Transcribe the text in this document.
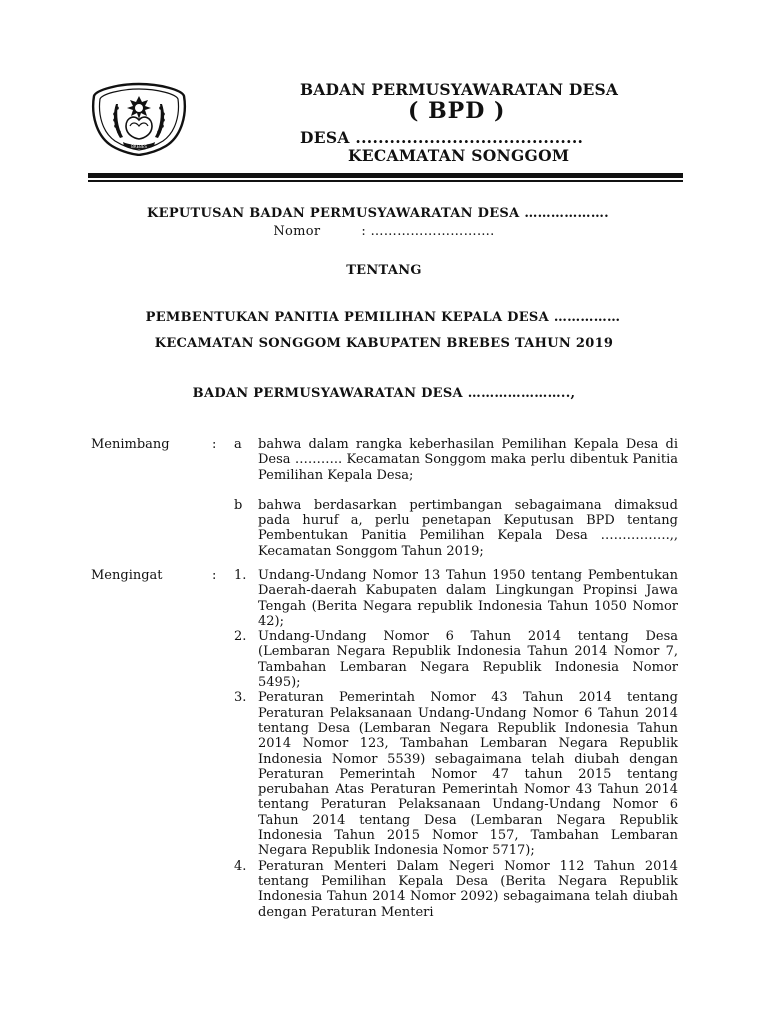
BREBES
BADAN PERMUSYAWARATAN DESA
( BPD )
DESA ........................................
KECAMATAN SONGGOM
KEPUTUSAN BADAN PERMUSYAWARATAN DESA ……………….
Nomor	: ……………………….
TENTANG
PEMBENTUKAN PANITIA PEMILIHAN KEPALA DESA ……………
KECAMATAN SONGGOM KABUPATEN BREBES TAHUN 2019
BADAN PERMUSYAWARATAN DESA …………………..,
Menimbang	: a bahwa dalam rangka keberhasilan Pemilihan Kepala Desa di Desa ……….. Kecamatan Songgom maka perlu dibentuk Panitia Pemilihan Kepala Desa;
b bahwa berdasarkan pertimbangan sebagaimana dimaksud pada huruf a, perlu penetapan Keputusan BPD tentang Pembentukan Panitia Pemilihan Kepala Desa …………….,, Kecamatan Songgom Tahun 2019;
Mengingat	: 1. Undang-Undang Nomor 13 Tahun 1950 tentang Pembentukan Daerah-daerah Kabupaten dalam Lingkungan Propinsi Jawa Tengah (Berita Negara republik Indonesia Tahun 1050 Nomor 42);
2. Undang-Undang Nomor 6 Tahun 2014 tentang Desa (Lembaran Negara Republik Indonesia Tahun 2014 Nomor 7, Tambahan Lembaran Negara Republik Indonesia Nomor 5495);
3. Peraturan Pemerintah Nomor 43 Tahun 2014 tentang Peraturan Pelaksanaan Undang-Undang Nomor 6 Tahun 2014 tentang Desa (Lembaran Negara Republik Indonesia Tahun 2014 Nomor 123, Tambahan Lembaran Negara Republik Indonesia Nomor 5539) sebagaimana telah diubah dengan Peraturan Pemerintah Nomor 47 tahun 2015 tentang perubahan Atas Peraturan Pemerintah Nomor 43 Tahun 2014 tentang Peraturan Pelaksanaan Undang-Undang Nomor 6 Tahun 2014 tentang Desa (Lembaran Negara Republik Indonesia Tahun 2015 Nomor 157, Tambahan Lembaran Negara Republik Indonesia Nomor 5717);
4. Peraturan Menteri Dalam Negeri Nomor 112 Tahun 2014 tentang Pemilihan Kepala Desa (Berita Negara Republik Indonesia Tahun 2014 Nomor 2092) sebagaimana telah diubah dengan Peraturan Menteri
